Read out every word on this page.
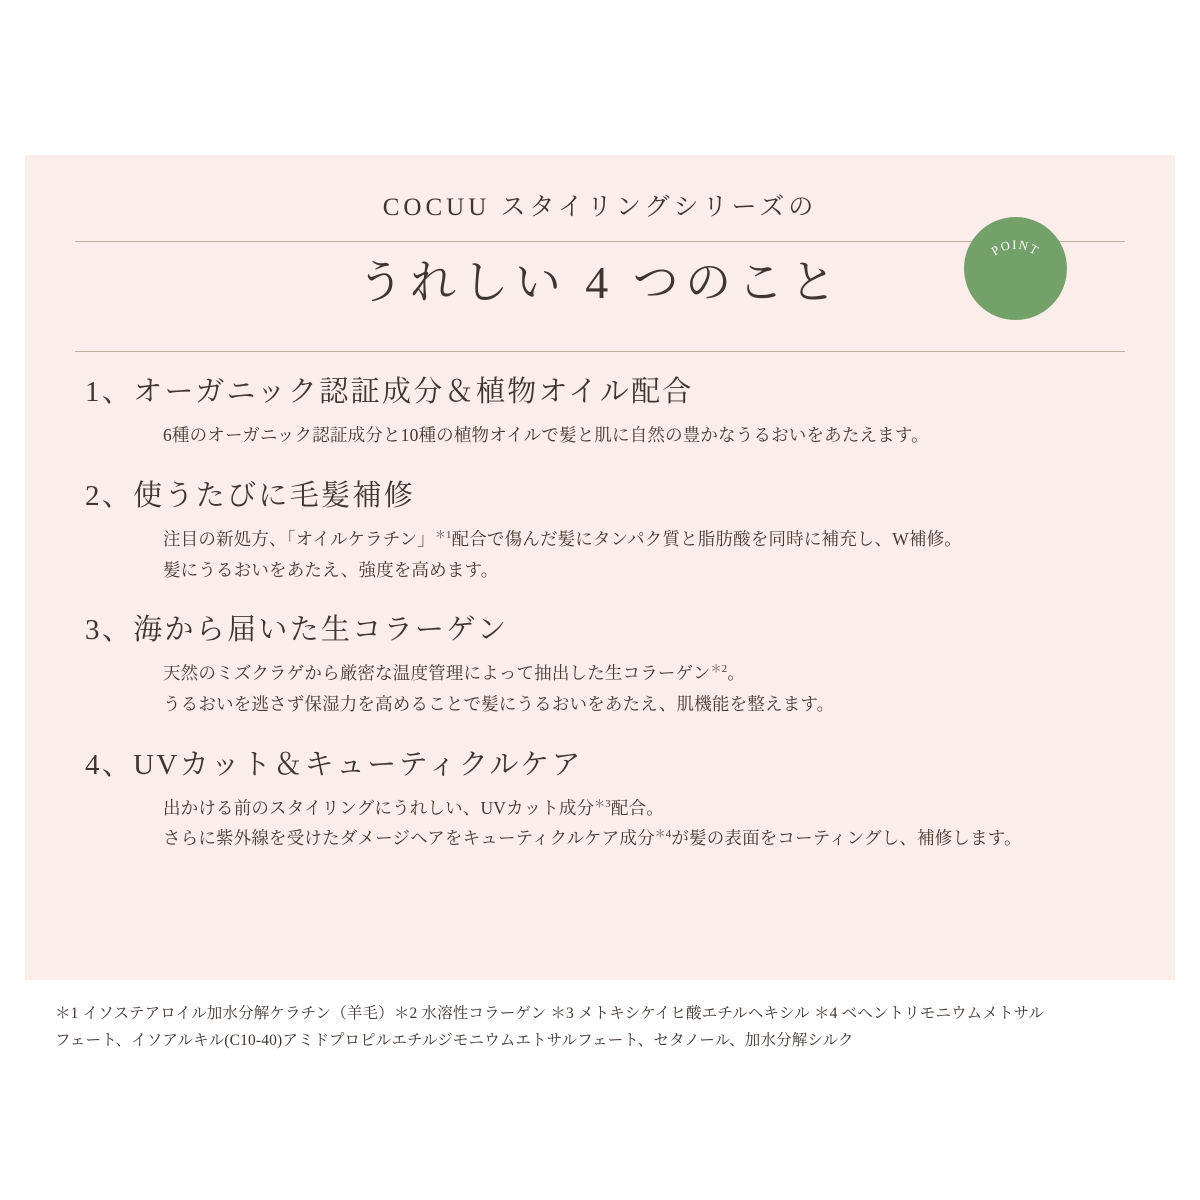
COCUU スタイリングシリーズの
うれしい 4 つのこと
POINT
1、 オーガニック認証成分＆植物オイル配合
6種のオーガニック認証成分と10種の植物オイルで髪と肌に自然の豊かなうるおいをあたえます。
2、 使うたびに毛髪補修
注目の新処方、「オイルケラチン」$^{*1}$配合で傷んだ髪にタンパク質と脂肪酸を同時に補充し、W補修。
髪にうるおいをあたえ、強度を高めます。
3、 海から届いた生コラーゲン
天然のミズクラゲから厳密な温度管理によって抽出した生コラーゲン$^{*2}$。
うるおいを逃さず保湿力を高めることで髪にうるおいをあたえ、肌機能を整えます。
4、 UVカット＆キューティクルケア
出かける前のスタイリングにうれしい、UVカット成分$^{*3}$配合。
さらに紫外線を受けたダメージヘアをキューティクルケア成分$^{*4}$が髪の表面をコーティングし、補修します。
＊1 イソステアロイル加水分解ケラチン（羊毛）＊2 水溶性コラーゲン ＊3 メトキシケイヒ酸エチルヘキシル ＊4 ベヘントリモニウムメトサル
フェート、イソアルキル(C10-40)アミドプロピルエチルジモニウムエトサルフェート、セタノール、加水分解シルク
